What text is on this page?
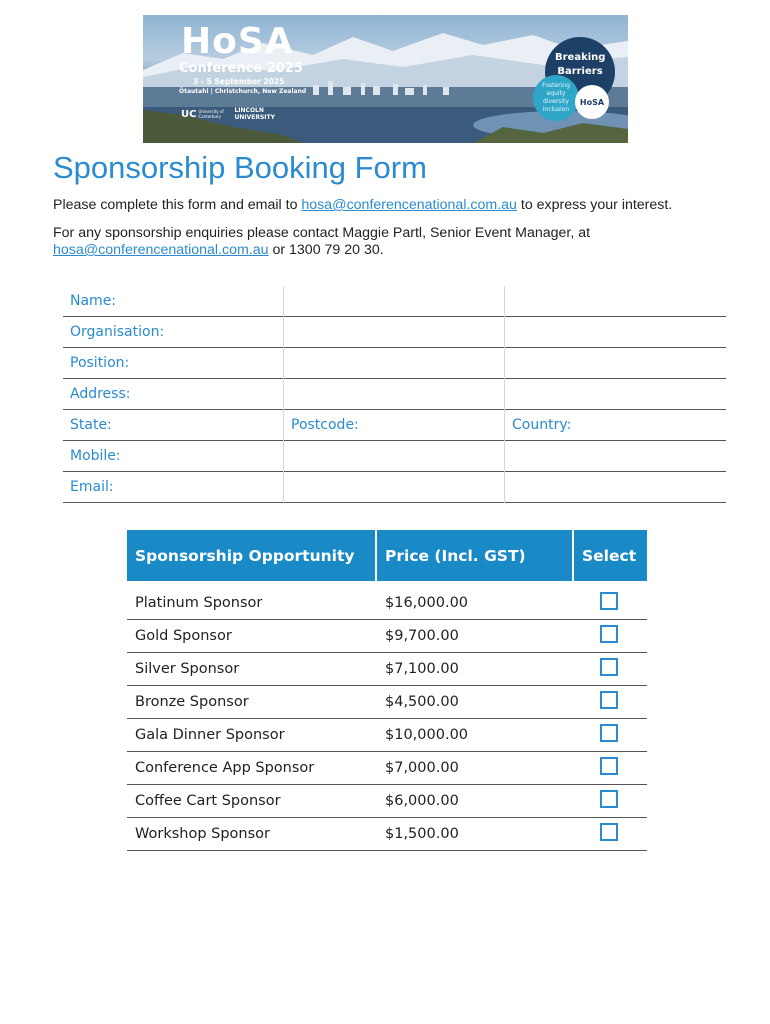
HoSA
Conference 2025
3 - 5 September 2025
Ōtautahi | Christchurch, New Zealand
UC University of Canterbury
LINCOLN
UNIVERSITY
Breaking Barriers
Fostering equity diversity inclusion
HoSA
Sponsorship Booking Form
Please complete this form and email to hosa@conferencenational.com.au to express your interest.
For any sponsorship enquiries please contact Maggie Partl, Senior Event Manager, at hosa@conferencenational.com.au or 1300 79 20 30.
Name:
Organisation:
Position:
Address:
State:	Postcode:	Country:
Mobile:
Email:
Sponsorship Opportunity	Price (Incl. GST)	Select
Platinum Sponsor	$16,000.00
Gold Sponsor	$9,700.00
Silver Sponsor	$7,100.00
Bronze Sponsor	$4,500.00
Gala Dinner Sponsor	$10,000.00
Conference App Sponsor	$7,000.00
Coffee Cart Sponsor	$6,000.00
Workshop Sponsor	$1,500.00
